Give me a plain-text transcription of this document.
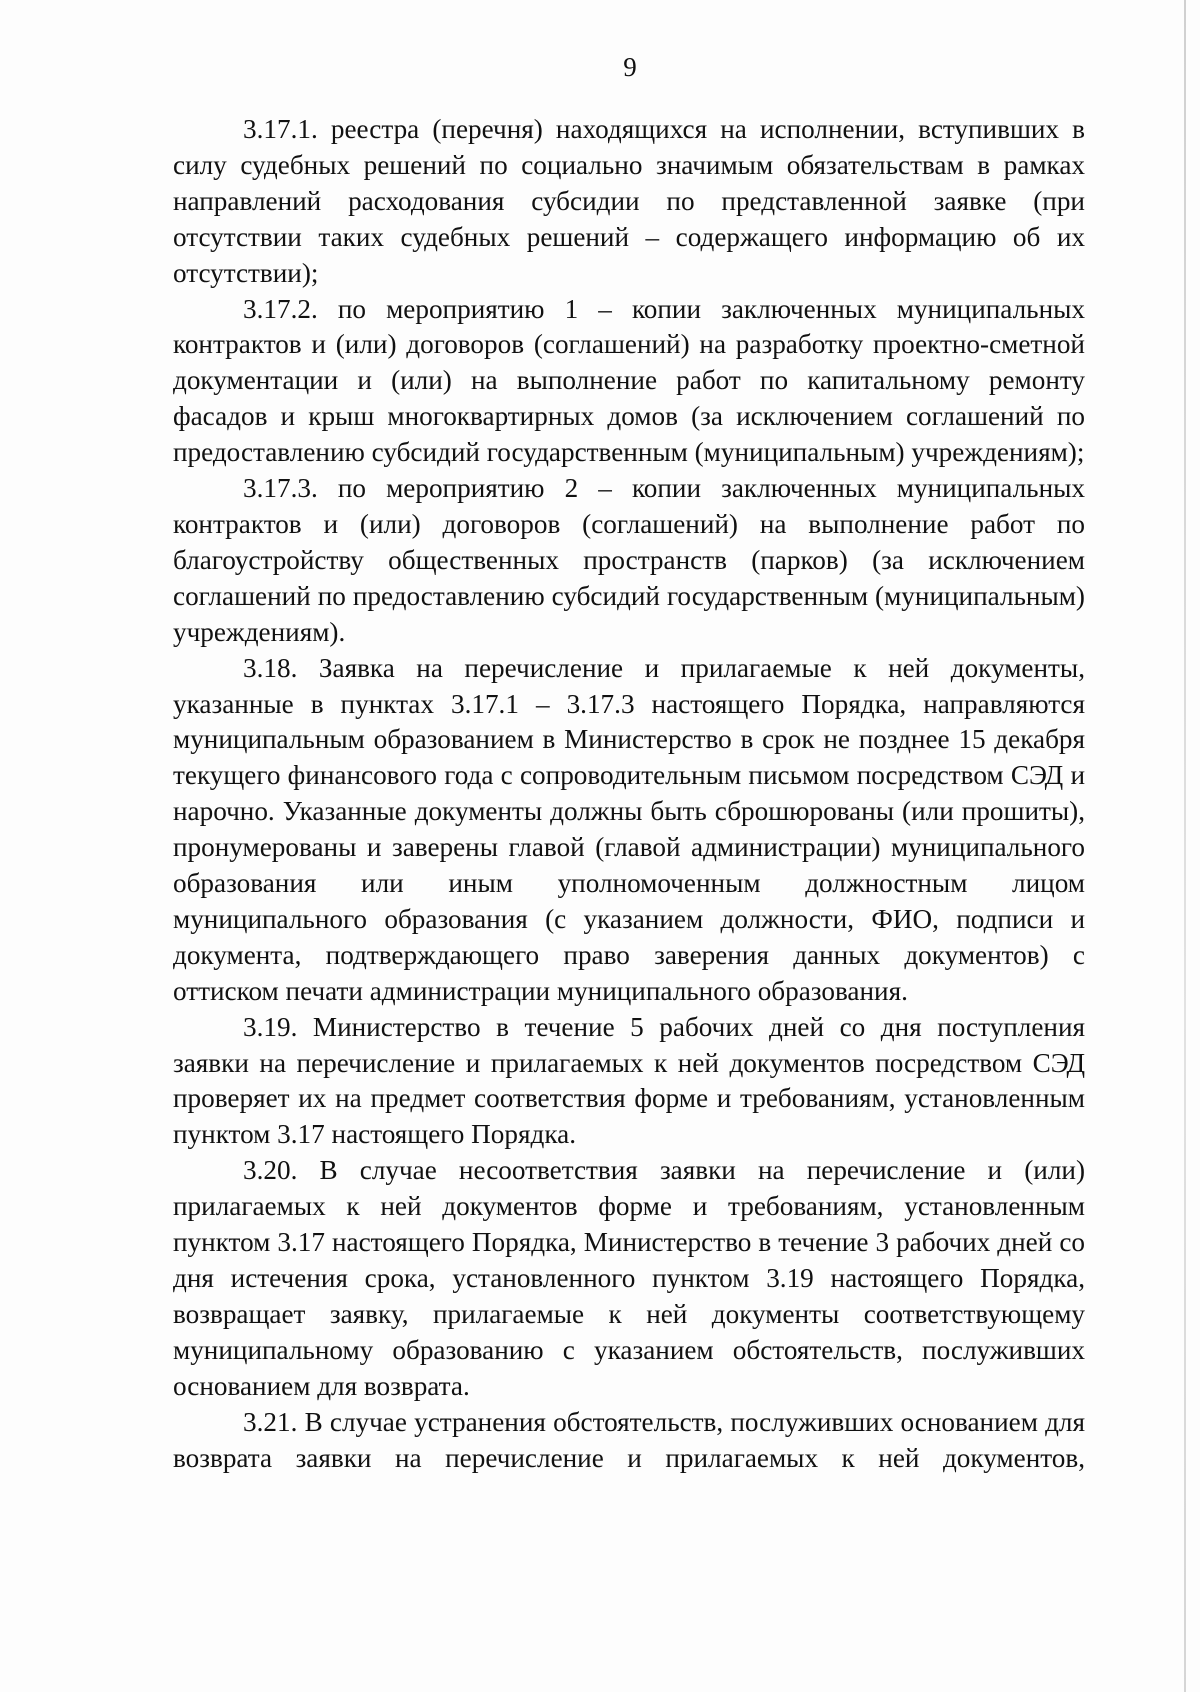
9

3.17.1. реестра (перечня) находящихся на исполнении, вступивших в силу судебных решений по социально значимым обязательствам в рамках направлений расходования субсидии по представленной заявке (при отсутствии таких судебных решений – содержащего информацию об их отсутствии);

3.17.2. по мероприятию 1 – копии заключенных муниципальных контрактов и (или) договоров (соглашений) на разработку проектно-сметной документации и (или) на выполнение работ по капитальному ремонту фасадов и крыш многоквартирных домов (за исключением соглашений по предоставлению субсидий государственным (муниципальным) учреждениям);

3.17.3. по мероприятию 2 – копии заключенных муниципальных контрактов и (или) договоров (соглашений) на выполнение работ по благоустройству общественных пространств (парков) (за исключением соглашений по предоставлению субсидий государственным (муниципальным) учреждениям).

3.18. Заявка на перечисление и прилагаемые к ней документы, указанные в пунктах 3.17.1 – 3.17.3 настоящего Порядка, направляются муниципальным образованием в Министерство в срок не позднее 15 декабря текущего финансового года с сопроводительным письмом посредством СЭД и нарочно. Указанные документы должны быть сброшюрованы (или прошиты), пронумерованы и заверены главой (главой администрации) муниципального образования или иным уполномоченным должностным лицом муниципального образования (с указанием должности, ФИО, подписи и документа, подтверждающего право заверения данных документов) с оттиском печати администрации муниципального образования.

3.19. Министерство в течение 5 рабочих дней со дня поступления заявки на перечисление и прилагаемых к ней документов посредством СЭД проверяет их на предмет соответствия форме и требованиям, установленным пунктом 3.17 настоящего Порядка.

3.20. В случае несоответствия заявки на перечисление и (или) прилагаемых к ней документов форме и требованиям, установленным пунктом 3.17 настоящего Порядка, Министерство в течение 3 рабочих дней со дня истечения срока, установленного пунктом 3.19 настоящего Порядка, возвращает заявку, прилагаемые к ней документы соответствующему муниципальному образованию с указанием обстоятельств, послуживших основанием для возврата.

3.21. В случае устранения обстоятельств, послуживших основанием для возврата заявки на перечисление и прилагаемых к ней документов,
